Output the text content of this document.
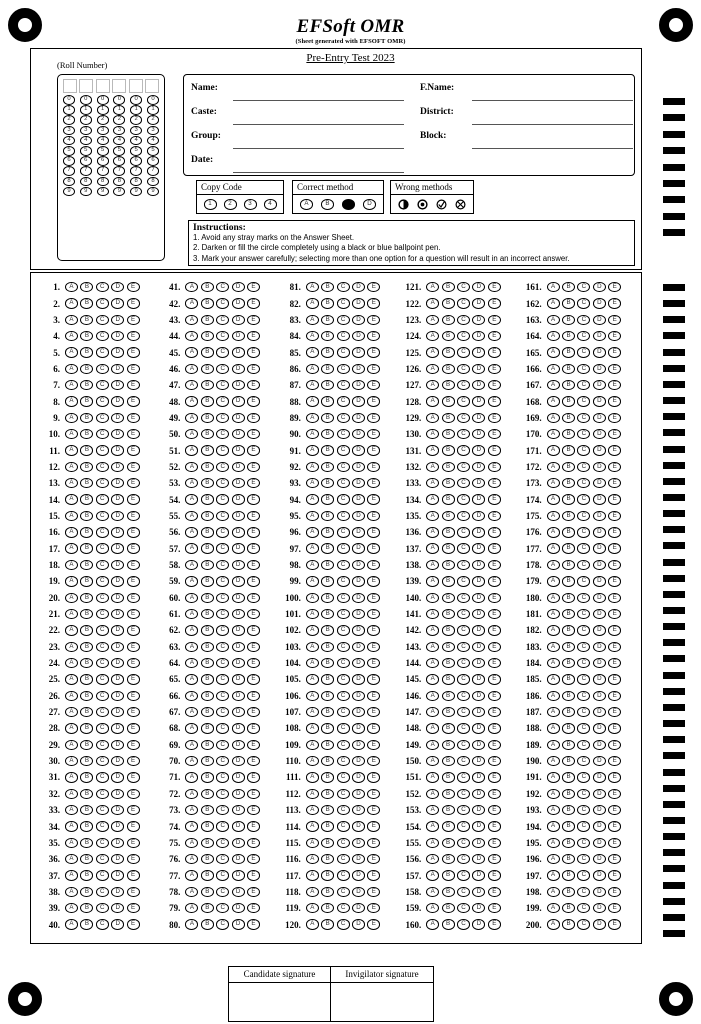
EFSoft OMR
(Sheet generated with EFSOFT OMR)
Pre-Entry Test 2023
(Roll Number)
0	0	0	0	0	0
1	1	1	1	1	1
2	2	2	2	2	2
3	3	3	3	3	3
4	4	4	4	4	4
5	5	5	5	5	5
6	6	6	6	6	6
7	7	7	7	7	7
8	8	8	8	8	8
9	9	9	9	9	9
Name:
Caste:
Group:
Date:
F.Name:
District:
Block:
Copy Code
1	2	3	4
Correct method
A	B	D
Wrong methods
Instructions:
1. Avoid any stray marks on the Answer Sheet.
2. Darken or fill the circle completely using a black or blue ballpoint pen.
3. Mark your answer carefully; selecting more than one option for a question will result in an incorrect answer.
1.	A	B	C	D	E
2.	A	B	C	D	E
3.	A	B	C	D	E
4.	A	B	C	D	E
5.	A	B	C	D	E
6.	A	B	C	D	E
7.	A	B	C	D	E
8.	A	B	C	D	E
9.	A	B	C	D	E
10.	A	B	C	D	E
11.	A	B	C	D	E
12.	A	B	C	D	E
13.	A	B	C	D	E
14.	A	B	C	D	E
15.	A	B	C	D	E
16.	A	B	C	D	E
17.	A	B	C	D	E
18.	A	B	C	D	E
19.	A	B	C	D	E
20.	A	B	C	D	E
21.	A	B	C	D	E
22.	A	B	C	D	E
23.	A	B	C	D	E
24.	A	B	C	D	E
25.	A	B	C	D	E
26.	A	B	C	D	E
27.	A	B	C	D	E
28.	A	B	C	D	E
29.	A	B	C	D	E
30.	A	B	C	D	E
31.	A	B	C	D	E
32.	A	B	C	D	E
33.	A	B	C	D	E
34.	A	B	C	D	E
35.	A	B	C	D	E
36.	A	B	C	D	E
37.	A	B	C	D	E
38.	A	B	C	D	E
39.	A	B	C	D	E
40.	A	B	C	D	E
41.	A	B	C	D	E
42.	A	B	C	D	E
43.	A	B	C	D	E
44.	A	B	C	D	E
45.	A	B	C	D	E
46.	A	B	C	D	E
47.	A	B	C	D	E
48.	A	B	C	D	E
49.	A	B	C	D	E
50.	A	B	C	D	E
51.	A	B	C	D	E
52.	A	B	C	D	E
53.	A	B	C	D	E
54.	A	B	C	D	E
55.	A	B	C	D	E
56.	A	B	C	D	E
57.	A	B	C	D	E
58.	A	B	C	D	E
59.	A	B	C	D	E
60.	A	B	C	D	E
61.	A	B	C	D	E
62.	A	B	C	D	E
63.	A	B	C	D	E
64.	A	B	C	D	E
65.	A	B	C	D	E
66.	A	B	C	D	E
67.	A	B	C	D	E
68.	A	B	C	D	E
69.	A	B	C	D	E
70.	A	B	C	D	E
71.	A	B	C	D	E
72.	A	B	C	D	E
73.	A	B	C	D	E
74.	A	B	C	D	E
75.	A	B	C	D	E
76.	A	B	C	D	E
77.	A	B	C	D	E
78.	A	B	C	D	E
79.	A	B	C	D	E
80.	A	B	C	D	E
81.	A	B	C	D	E
82.	A	B	C	D	E
83.	A	B	C	D	E
84.	A	B	C	D	E
85.	A	B	C	D	E
86.	A	B	C	D	E
87.	A	B	C	D	E
88.	A	B	C	D	E
89.	A	B	C	D	E
90.	A	B	C	D	E
91.	A	B	C	D	E
92.	A	B	C	D	E
93.	A	B	C	D	E
94.	A	B	C	D	E
95.	A	B	C	D	E
96.	A	B	C	D	E
97.	A	B	C	D	E
98.	A	B	C	D	E
99.	A	B	C	D	E
100.	A	B	C	D	E
101.	A	B	C	D	E
102.	A	B	C	D	E
103.	A	B	C	D	E
104.	A	B	C	D	E
105.	A	B	C	D	E
106.	A	B	C	D	E
107.	A	B	C	D	E
108.	A	B	C	D	E
109.	A	B	C	D	E
110.	A	B	C	D	E
111.	A	B	C	D	E
112.	A	B	C	D	E
113.	A	B	C	D	E
114.	A	B	C	D	E
115.	A	B	C	D	E
116.	A	B	C	D	E
117.	A	B	C	D	E
118.	A	B	C	D	E
119.	A	B	C	D	E
120.	A	B	C	D	E
121.	A	B	C	D	E
122.	A	B	C	D	E
123.	A	B	C	D	E
124.	A	B	C	D	E
125.	A	B	C	D	E
126.	A	B	C	D	E
127.	A	B	C	D	E
128.	A	B	C	D	E
129.	A	B	C	D	E
130.	A	B	C	D	E
131.	A	B	C	D	E
132.	A	B	C	D	E
133.	A	B	C	D	E
134.	A	B	C	D	E
135.	A	B	C	D	E
136.	A	B	C	D	E
137.	A	B	C	D	E
138.	A	B	C	D	E
139.	A	B	C	D	E
140.	A	B	C	D	E
141.	A	B	C	D	E
142.	A	B	C	D	E
143.	A	B	C	D	E
144.	A	B	C	D	E
145.	A	B	C	D	E
146.	A	B	C	D	E
147.	A	B	C	D	E
148.	A	B	C	D	E
149.	A	B	C	D	E
150.	A	B	C	D	E
151.	A	B	C	D	E
152.	A	B	C	D	E
153.	A	B	C	D	E
154.	A	B	C	D	E
155.	A	B	C	D	E
156.	A	B	C	D	E
157.	A	B	C	D	E
158.	A	B	C	D	E
159.	A	B	C	D	E
160.	A	B	C	D	E
161.	A	B	C	D	E
162.	A	B	C	D	E
163.	A	B	C	D	E
164.	A	B	C	D	E
165.	A	B	C	D	E
166.	A	B	C	D	E
167.	A	B	C	D	E
168.	A	B	C	D	E
169.	A	B	C	D	E
170.	A	B	C	D	E
171.	A	B	C	D	E
172.	A	B	C	D	E
173.	A	B	C	D	E
174.	A	B	C	D	E
175.	A	B	C	D	E
176.	A	B	C	D	E
177.	A	B	C	D	E
178.	A	B	C	D	E
179.	A	B	C	D	E
180.	A	B	C	D	E
181.	A	B	C	D	E
182.	A	B	C	D	E
183.	A	B	C	D	E
184.	A	B	C	D	E
185.	A	B	C	D	E
186.	A	B	C	D	E
187.	A	B	C	D	E
188.	A	B	C	D	E
189.	A	B	C	D	E
190.	A	B	C	D	E
191.	A	B	C	D	E
192.	A	B	C	D	E
193.	A	B	C	D	E
194.	A	B	C	D	E
195.	A	B	C	D	E
196.	A	B	C	D	E
197.	A	B	C	D	E
198.	A	B	C	D	E
199.	A	B	C	D	E
200.	A	B	C	D	E
Candidate signature	Invigilator signature
